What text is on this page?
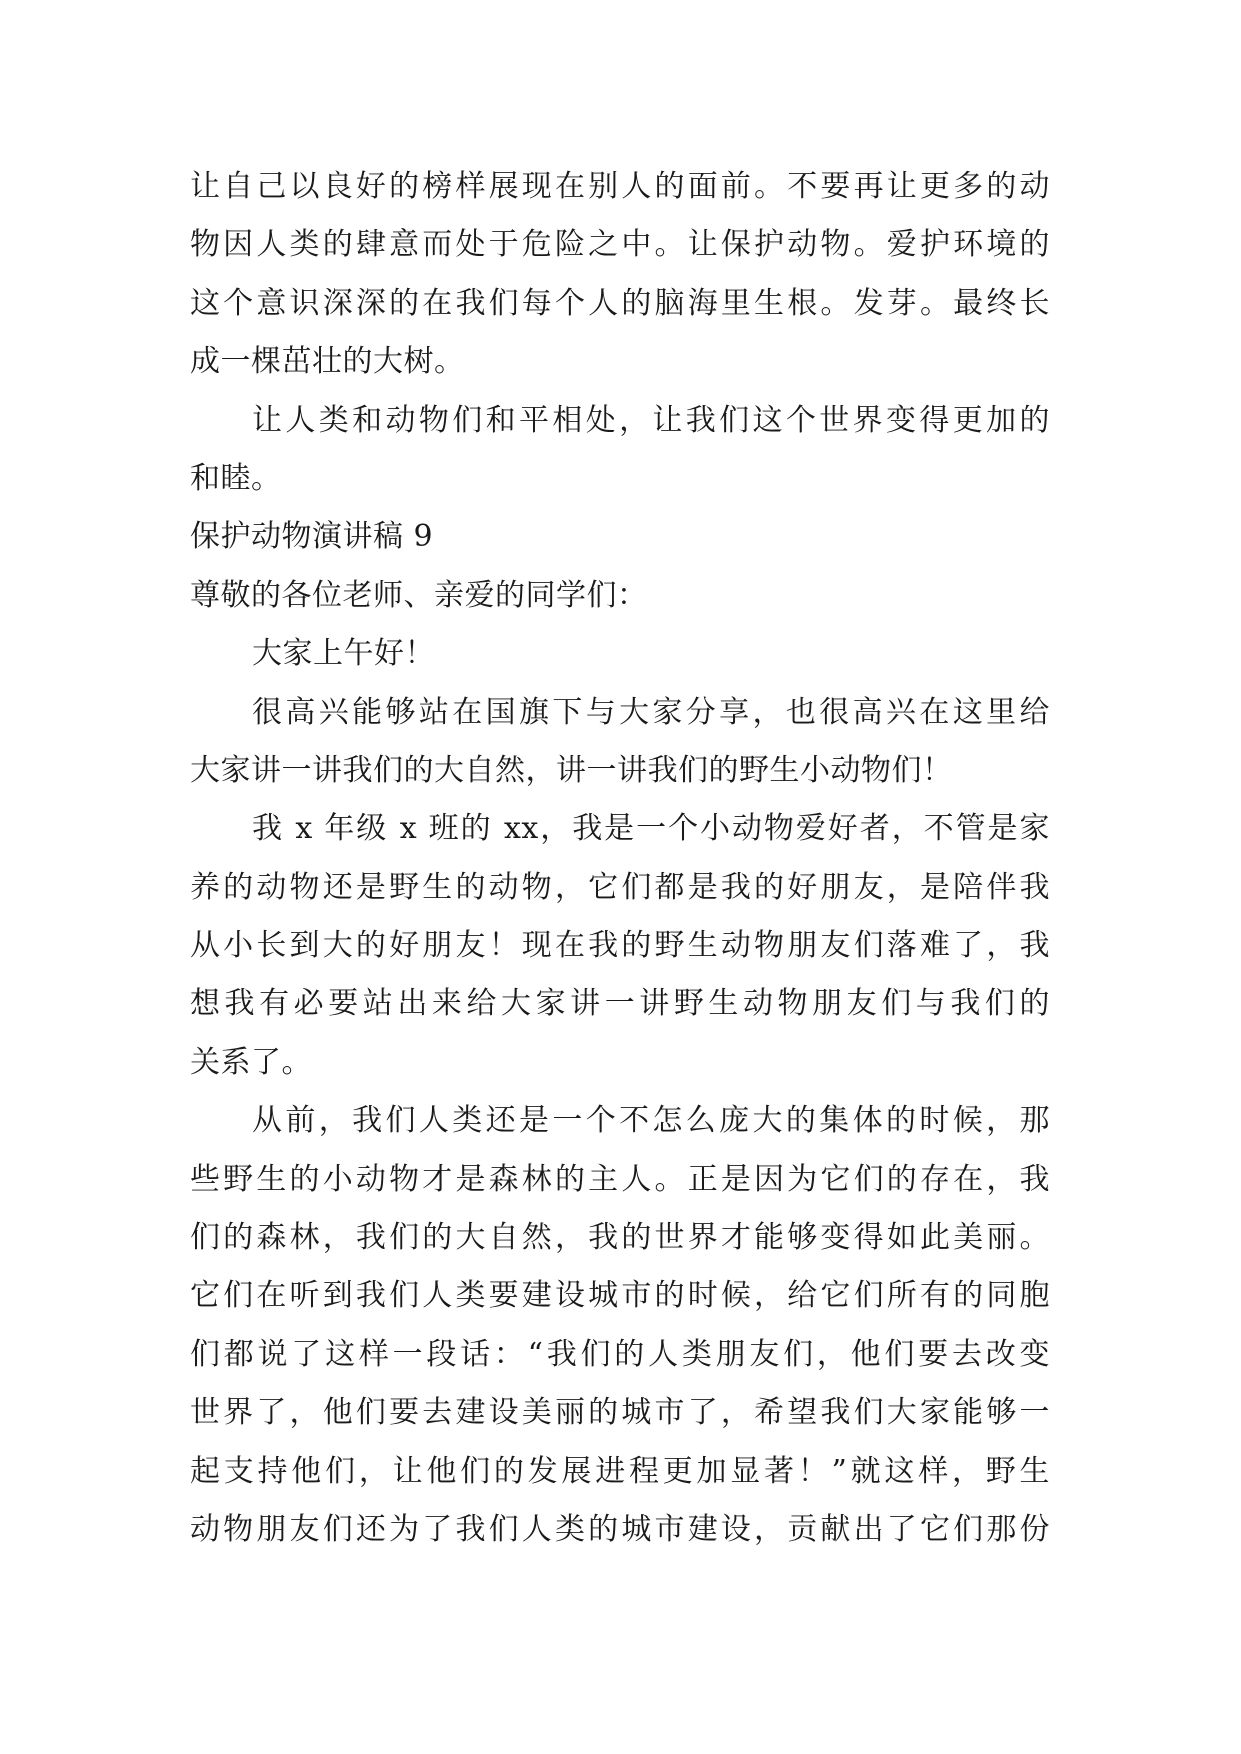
让自己以良好的榜样展现在别人的面前。不要再让更多的动
物因人类的肆意而处于危险之中。让保护动物。爱护环境的
这个意识深深的在我们每个人的脑海里生根。发芽。最终长
成一棵茁壮的大树。
让人类和动物们和平相处，让我们这个世界变得更加的
和睦。
保护动物演讲稿 9
尊敬的各位老师、亲爱的同学们：
大家上午好！
很高兴能够站在国旗下与大家分享，也很高兴在这里给
大家讲一讲我们的大自然，讲一讲我们的野生小动物们！
我 x 年级 x 班的 xx，我是一个小动物爱好者，不管是家
养的动物还是野生的动物，它们都是我的好朋友，是陪伴我
从小长到大的好朋友！现在我的野生动物朋友们落难了，我
想我有必要站出来给大家讲一讲野生动物朋友们与我们的
关系了。
从前，我们人类还是一个不怎么庞大的集体的时候，那
些野生的小动物才是森林的主人。正是因为它们的存在，我
们的森林，我们的大自然，我的世界才能够变得如此美丽。
它们在听到我们人类要建设城市的时候，给它们所有的同胞
们都说了这样一段话：“我们的人类朋友们，他们要去改变
世界了，他们要去建设美丽的城市了，希望我们大家能够一
起支持他们，让他们的发展进程更加显著！”就这样，野生
动物朋友们还为了我们人类的城市建设，贡献出了它们那份
